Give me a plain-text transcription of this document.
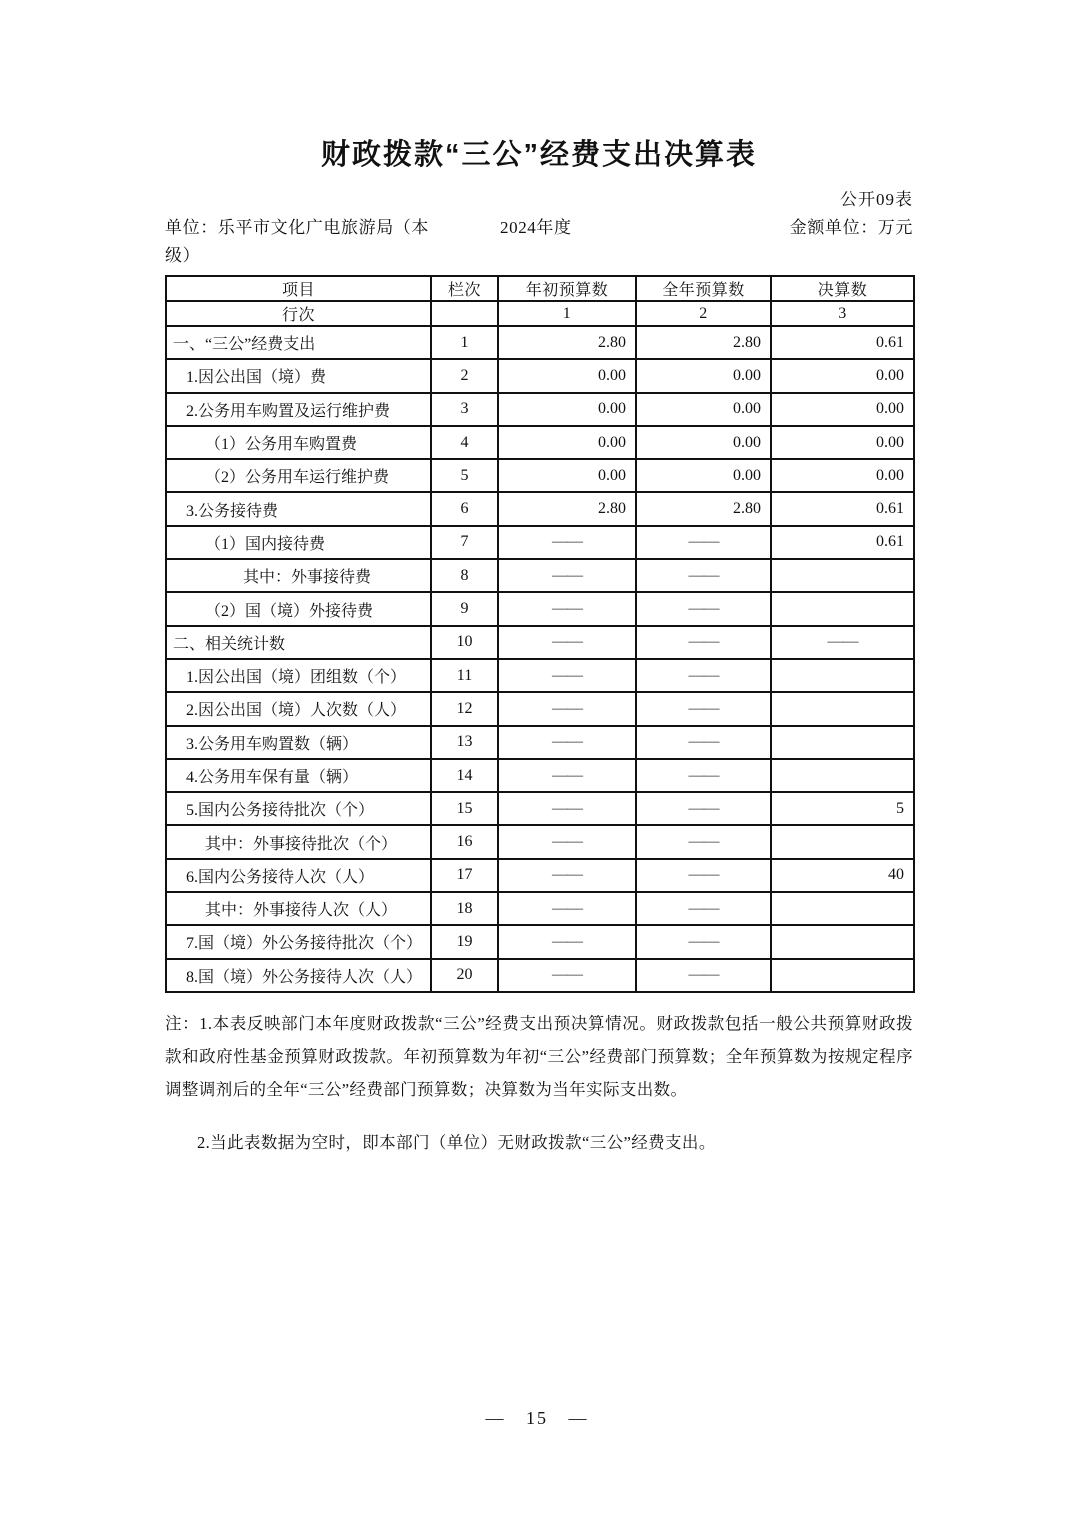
财政拨款“三公”经费支出决算表
公开09表
单位：乐平市文化广电旅游局（本级）
2024年度	金额单位：万元
项目	栏次	年初预算数	全年预算数	决算数
行次		1	2	3
一、“三公”经费支出	1	2.80	2.80	0.61
1.因公出国（境）费	2	0.00	0.00	0.00
2.公务用车购置及运行维护费	3	0.00	0.00	0.00
（1）公务用车购置费	4	0.00	0.00	0.00
（2）公务用车运行维护费	5	0.00	0.00	0.00
3.公务接待费	6	2.80	2.80	0.61
（1）国内接待费	7	——	——	0.61
其中：外事接待费	8	——	——	
（2）国（境）外接待费	9	——	——	
二、相关统计数	10	——	——	——
1.因公出国（境）团组数（个）	11	——	——	
2.因公出国（境）人次数（人）	12	——	——	
3.公务用车购置数（辆）	13	——	——	
4.公务用车保有量（辆）	14	——	——	
5.国内公务接待批次（个）	15	——	——	5
其中：外事接待批次（个）	16	——	——	
6.国内公务接待人次（人）	17	——	——	40
其中：外事接待人次（人）	18	——	——	
7.国（境）外公务接待批次（个）	19	——	——	
8.国（境）外公务接待人次（人）	20	——	——	
注：1.本表反映部门本年度财政拨款“三公”经费支出预决算情况。财政拨款包括一般公共预算财政拨款和政府性基金预算财政拨款。年初预算数为年初“三公”经费部门预算数；全年预算数为按规定程序调整调剂后的全年“三公”经费部门预算数；决算数为当年实际支出数。
2.当此表数据为空时，即本部门（单位）无财政拨款“三公”经费支出。
— 15 —
